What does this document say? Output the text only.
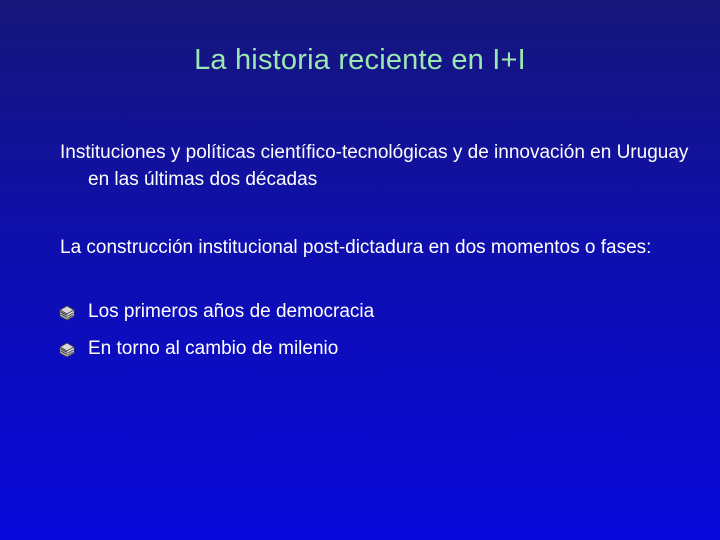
La historia reciente en I+I
Instituciones y políticas científico-tecnológicas y de innovación en Uruguay en las últimas dos décadas
La construcción institucional post-dictadura en dos momentos o fases:
Los primeros años de democracia
En torno al cambio de milenio
